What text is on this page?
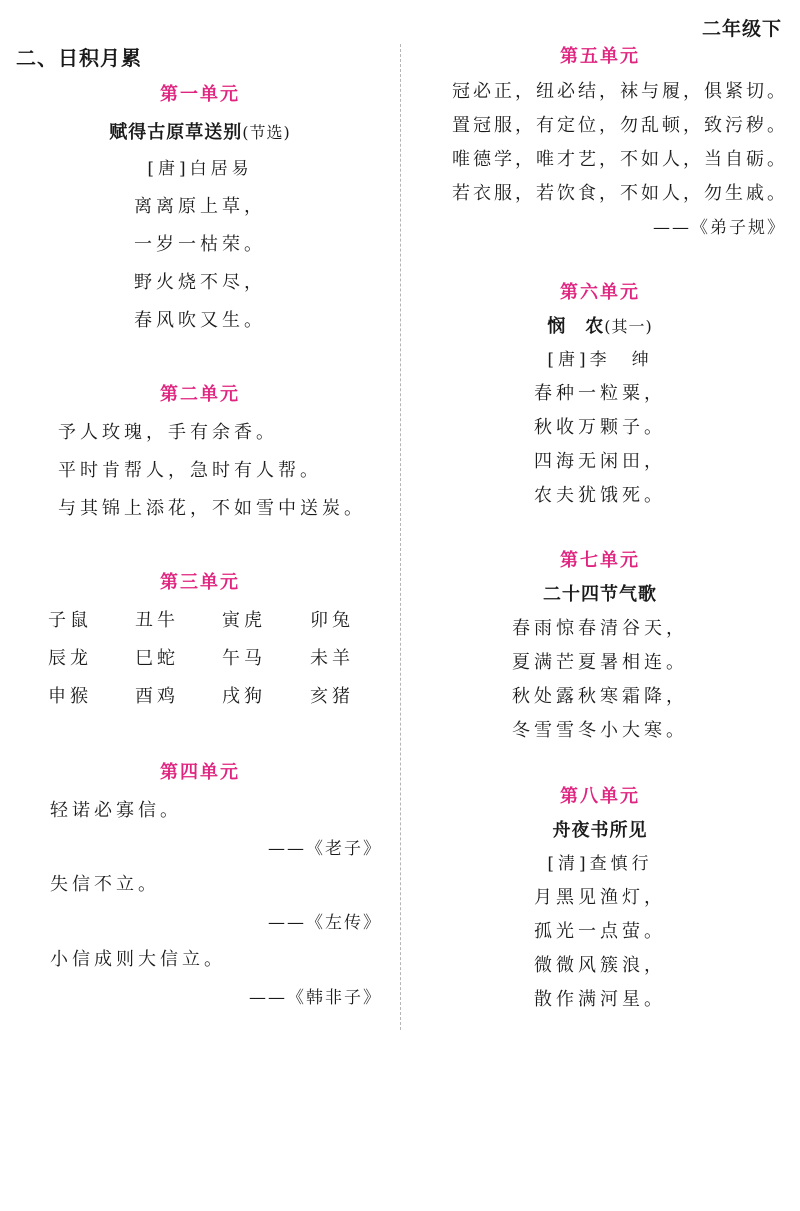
二年级下
二、日积月累
第一单元
赋得古原草送别(节选)
[唐]白居易
离离原上草，
一岁一枯荣。
野火烧不尽，
春风吹又生。
第二单元
予人玫瑰，手有余香。
平时肯帮人，急时有人帮。
与其锦上添花，不如雪中送炭。
第三单元
子鼠 丑牛 寅虎 卯兔
辰龙 巳蛇 午马 未羊
申猴 酉鸡 戌狗 亥猪
第四单元
轻诺必寡信。
——《老子》
失信不立。
——《左传》
小信成则大信立。
——《韩非子》
第五单元
冠必正，纽必结，袜与履，俱紧切。
置冠服，有定位，勿乱顿，致污秽。
唯德学，唯才艺，不如人，当自砺。
若衣服，若饮食，不如人，勿生戚。
——《弟子规》
第六单元
悯　农(其一)
[唐]李　绅
春种一粒粟，
秋收万颗子。
四海无闲田，
农夫犹饿死。
第七单元
二十四节气歌
春雨惊春清谷天，
夏满芒夏暑相连。
秋处露秋寒霜降，
冬雪雪冬小大寒。
第八单元
舟夜书所见
[清]查慎行
月黑见渔灯，
孤光一点萤。
微微风簇浪，
散作满河星。
